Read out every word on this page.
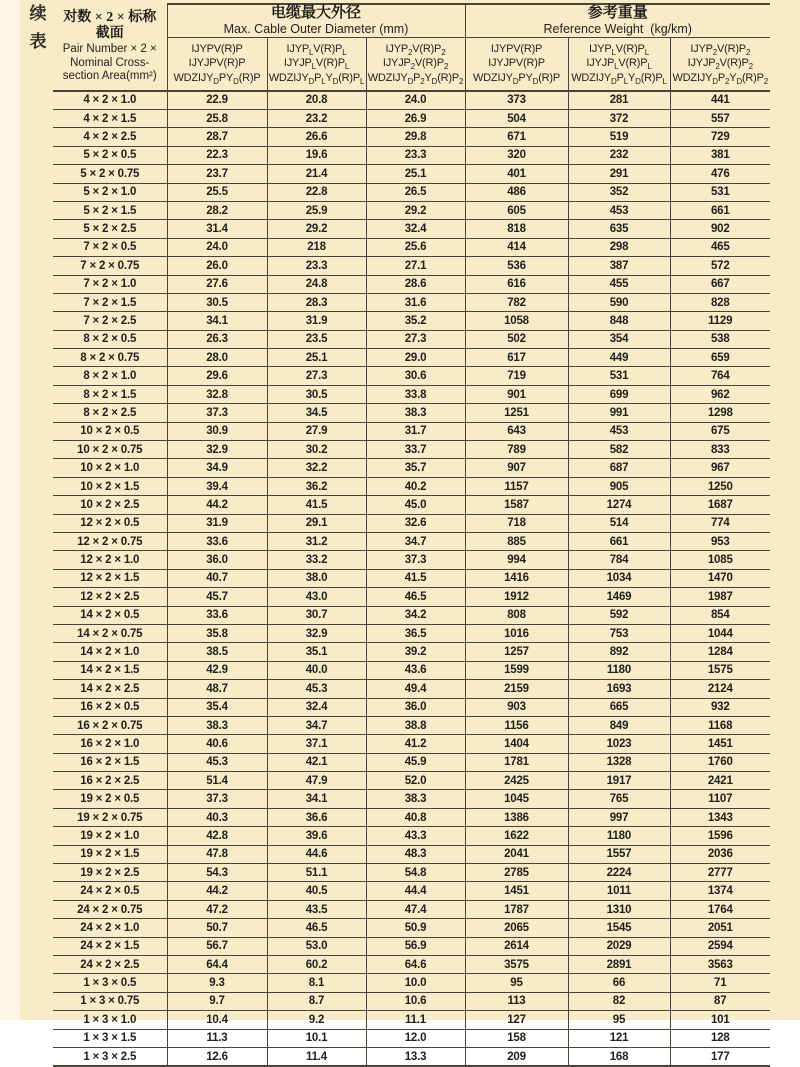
续
表
对数 × 2 × 标称
截面
Pair Number × 2 ×
Nominal Cross-
section Area(mm²)

电缆最大外径
Max. Cable Outer Diameter (mm)

参考重量
Reference Weight  (kg/km)

IJYPV(R)P
IJYJPV(R)P
$WDZIJY_DPY_D(R)P$

$IJYP_LV(R)P_L$
$IJYJP_LV(R)P_L$
$WDZIJY_DP_LY_D(R)P_L$

$IJYP_2V(R)P_2$
$IJYJP_2V(R)P_2$
$WDZIJY_DP_2Y_D(R)P_2$

IJYPV(R)P
IJYJPV(R)P
$WDZIJY_DPY_D(R)P$

$IJYP_LV(R)P_L$
$IJYJP_LV(R)P_L$
$WDZIJY_DP_LY_D(R)P_L$

$IJYP_2V(R)P_2$
$IJYJP_2V(R)P_2$
$WDZIJY_DP_2Y_D(R)P_2$

4 × 2 × 1.0	22.9	20.8	24.0	373	281	441
4 × 2 × 1.5	25.8	23.2	26.9	504	372	557
4 × 2 × 2.5	28.7	26.6	29.8	671	519	729
5 × 2 × 0.5	22.3	19.6	23.3	320	232	381
5 × 2 × 0.75	23.7	21.4	25.1	401	291	476
5 × 2 × 1.0	25.5	22.8	26.5	486	352	531
5 × 2 × 1.5	28.2	25.9	29.2	605	453	661
5 × 2 × 2.5	31.4	29.2	32.4	818	635	902
7 × 2 × 0.5	24.0	218	25.6	414	298	465
7 × 2 × 0.75	26.0	23.3	27.1	536	387	572
7 × 2 × 1.0	27.6	24.8	28.6	616	455	667
7 × 2 × 1.5	30.5	28.3	31.6	782	590	828
7 × 2 × 2.5	34.1	31.9	35.2	1058	848	1129
8 × 2 × 0.5	26.3	23.5	27.3	502	354	538
8 × 2 × 0.75	28.0	25.1	29.0	617	449	659
8 × 2 × 1.0	29.6	27.3	30.6	719	531	764
8 × 2 × 1.5	32.8	30.5	33.8	901	699	962
8 × 2 × 2.5	37.3	34.5	38.3	1251	991	1298
10 × 2 × 0.5	30.9	27.9	31.7	643	453	675
10 × 2 × 0.75	32.9	30.2	33.7	789	582	833
10 × 2 × 1.0	34.9	32.2	35.7	907	687	967
10 × 2 × 1.5	39.4	36.2	40.2	1157	905	1250
10 × 2 × 2.5	44.2	41.5	45.0	1587	1274	1687
12 × 2 × 0.5	31.9	29.1	32.6	718	514	774
12 × 2 × 0.75	33.6	31.2	34.7	885	661	953
12 × 2 × 1.0	36.0	33.2	37.3	994	784	1085
12 × 2 × 1.5	40.7	38.0	41.5	1416	1034	1470
12 × 2 × 2.5	45.7	43.0	46.5	1912	1469	1987
14 × 2 × 0.5	33.6	30.7	34.2	808	592	854
14 × 2 × 0.75	35.8	32.9	36.5	1016	753	1044
14 × 2 × 1.0	38.5	35.1	39.2	1257	892	1284
14 × 2 × 1.5	42.9	40.0	43.6	1599	1180	1575
14 × 2 × 2.5	48.7	45.3	49.4	2159	1693	2124
16 × 2 × 0.5	35.4	32.4	36.0	903	665	932
16 × 2 × 0.75	38.3	34.7	38.8	1156	849	1168
16 × 2 × 1.0	40.6	37.1	41.2	1404	1023	1451
16 × 2 × 1.5	45.3	42.1	45.9	1781	1328	1760
16 × 2 × 2.5	51.4	47.9	52.0	2425	1917	2421
19 × 2 × 0.5	37.3	34.1	38.3	1045	765	1107
19 × 2 × 0.75	40.3	36.6	40.8	1386	997	1343
19 × 2 × 1.0	42.8	39.6	43.3	1622	1180	1596
19 × 2 × 1.5	47.8	44.6	48.3	2041	1557	2036
19 × 2 × 2.5	54.3	51.1	54.8	2785	2224	2777
24 × 2 × 0.5	44.2	40.5	44.4	1451	1011	1374
24 × 2 × 0.75	47.2	43.5	47.4	1787	1310	1764
24 × 2 × 1.0	50.7	46.5	50.9	2065	1545	2051
24 × 2 × 1.5	56.7	53.0	56.9	2614	2029	2594
24 × 2 × 2.5	64.4	60.2	64.6	3575	2891	3563
1 × 3 × 0.5	9.3	8.1	10.0	95	66	71
1 × 3 × 0.75	9.7	8.7	10.6	113	82	87
1 × 3 × 1.0	10.4	9.2	11.1	127	95	101
1 × 3 × 1.5	11.3	10.1	12.0	158	121	128
1 × 3 × 2.5	12.6	11.4	13.3	209	168	177
